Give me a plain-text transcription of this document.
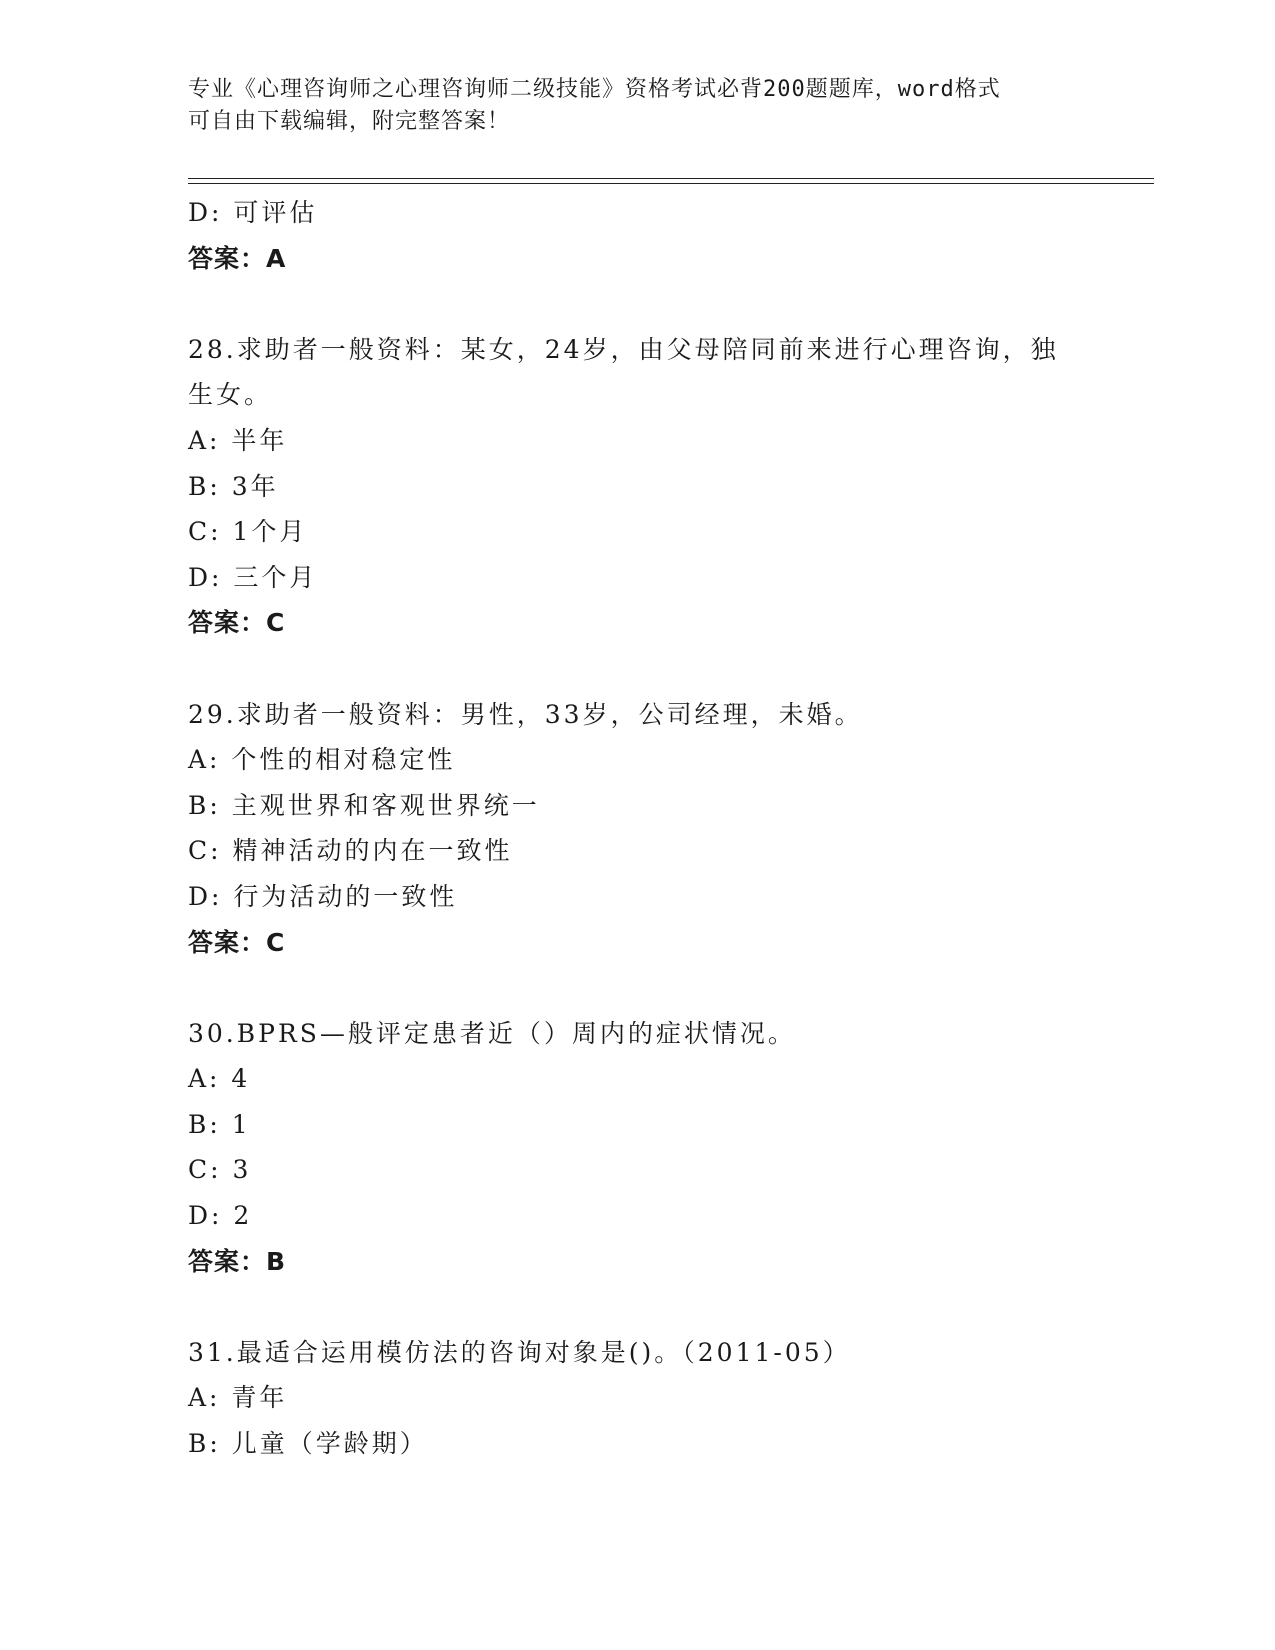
专业《心理咨询师之心理咨询师二级技能》资格考试必背200题题库，word格式
可自由下载编辑，附完整答案！
D: 可评估
答案：A
28.求助者一般资料：某女，24岁，由父母陪同前来进行心理咨询，独
生女。
A: 半年
B: 3年
C: 1个月
D: 三个月
答案：C
29.求助者一般资料：男性，33岁，公司经理，未婚。
A: 个性的相对稳定性
B: 主观世界和客观世界统一
C: 精神活动的内在一致性
D: 行为活动的一致性
答案：C
30.BPRS—般评定患者近（）周内的症状情况。
A: 4
B: 1
C: 3
D: 2
答案：B
31.最适合运用模仿法的咨询对象是()。（2011-05）
A: 青年
B: 儿童（学龄期）
